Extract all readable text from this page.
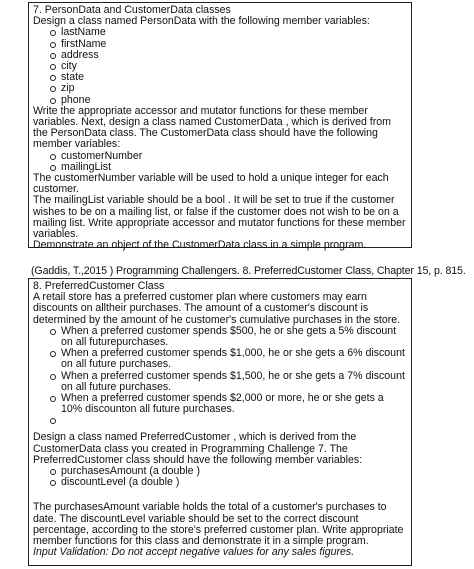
7. PersonData and CustomerData classes

Design a class named PersonData with the following member variables:

lastName
firstName
address
city
state
zip
phone

Write the appropriate accessor and mutator functions for these member variables. Next, design a class named CustomerData , which is derived from the PersonData class. The CustomerData class should have the following member variables:

customerNumber
mailingList

The customerNumber variable will be used to hold a unique integer for each customer.

The mailingList variable should be a bool . It will be set to true if the customer wishes to be on a mailing list, or false if the customer does not wish to be on a mailing list. Write appropriate accessor and mutator functions for these member variables.

Demonstrate an object of the CustomerData class in a simple program.

(Gaddis, T.,2015 ) Programming Challengers. 8. PreferredCustomer Class, Chapter 15, p. 815.

8. PreferredCustomer Class

A retail store has a preferred customer plan where customers may earn discounts on alltheir purchases. The amount of a customer's discount is determined by the amount of he customer's cumulative purchases in the store.

When a preferred customer spends $500, he or she gets a 5% discount on all futurepurchases.
When a preferred customer spends $1,000, he or she gets a 6% discount on all future purchases.
When a preferred customer spends $1,500, he or she gets a 7% discount on all future purchases.
When a preferred customer spends $2,000 or more, he or she gets a 10% discounton all future purchases.

Design a class named PreferredCustomer , which is derived from the CustomerData class you created in Programming Challenge 7. The PreferredCustomer class should have the following member variables:

purchasesAmount (a double )
discountLevel (a double )

The purchasesAmount variable holds the total of a customer's purchases to date. The discountLevel variable should be set to the correct discount percentage, according to the store's preferred customer plan. Write appropriate member functions for this class and demonstrate it in a simple program.

Input Validation: Do not accept negative values for any sales figures.
